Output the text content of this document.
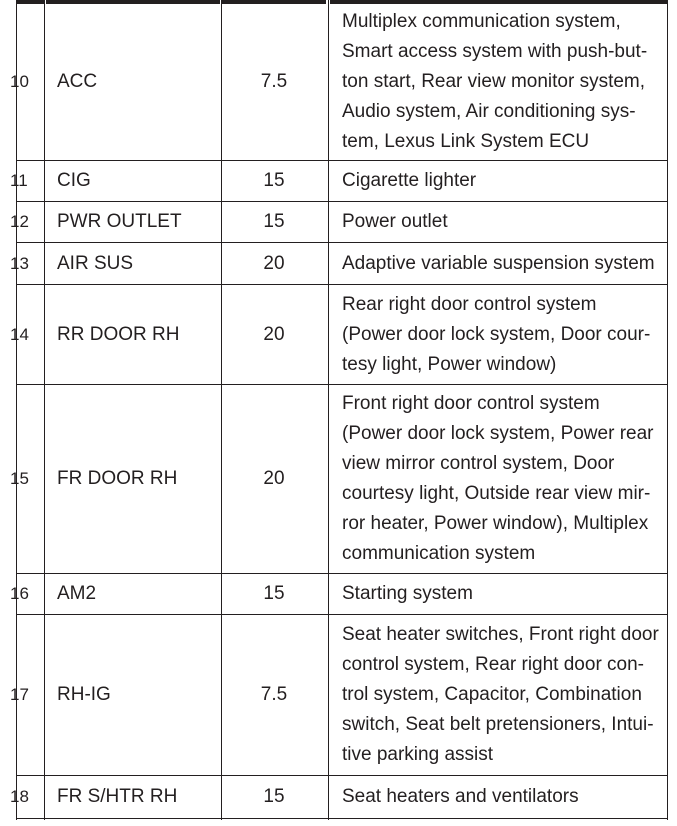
10	ACC	7.5
Multiplex communication system,
Smart access system with push-but-
ton start, Rear view monitor system,
Audio system, Air conditioning sys-
tem, Lexus Link System ECU
11	CIG	15	Cigarette lighter
12	PWR OUTLET	15	Power outlet
13	AIR SUS	20	Adaptive variable suspension system
14	RR DOOR RH	20
Rear right door control system
(Power door lock system, Door cour-
tesy light, Power window)
15	FR DOOR RH	20
Front right door control system
(Power door lock system, Power rear
view mirror control system, Door
courtesy light, Outside rear view mir-
ror heater, Power window), Multiplex
communication system
16	AM2	15	Starting system
17	RH-IG	7.5
Seat heater switches, Front right door
control system, Rear right door con-
trol system, Capacitor, Combination
switch, Seat belt pretensioners, Intui-
tive parking assist
18	FR S/HTR RH	15	Seat heaters and ventilators
